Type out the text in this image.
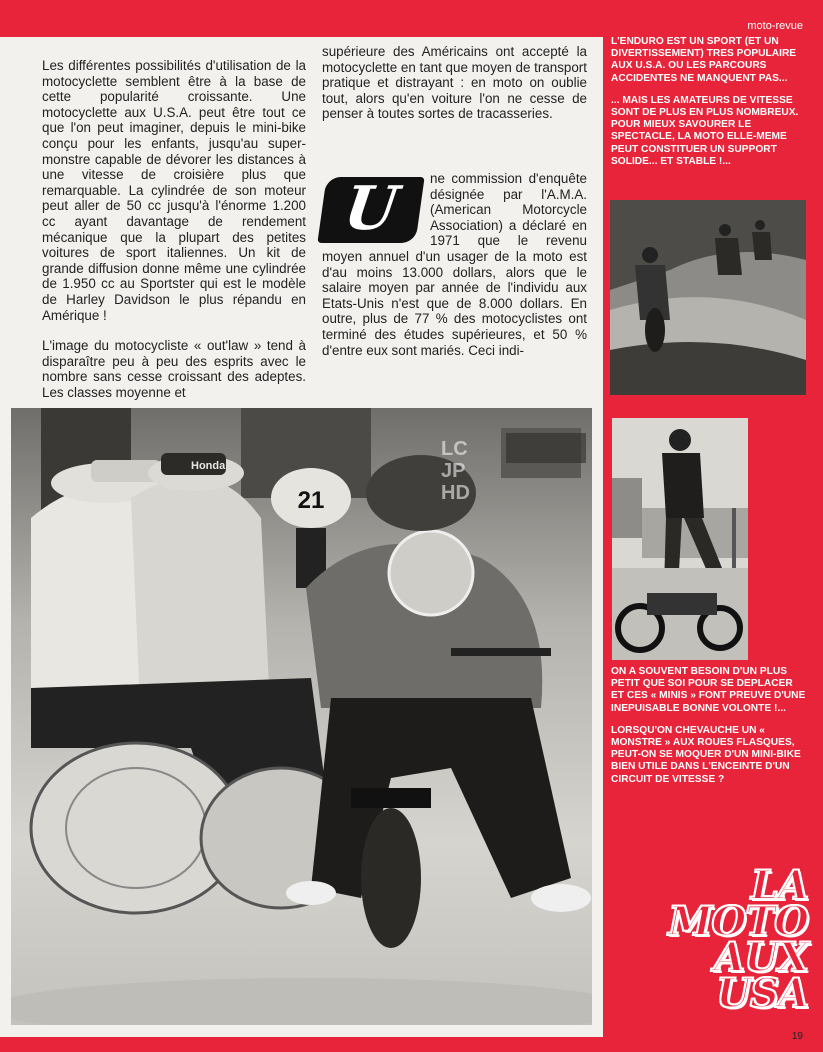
moto-revue

Les différentes possibilités d'utilisation de la motocyclette semblent être à la base de cette popularité croissante. Une motocyclette aux U.S.A. peut être tout ce que l'on peut imaginer, depuis le mini-bike conçu pour les enfants, jusqu'au super-monstre capable de dévorer les distances à une vitesse de croisière plus que remarquable. La cylindrée de son moteur peut aller de 50 cc jusqu'à l'énorme 1.200 cc ayant davantage de rendement mécanique que la plupart des petites voitures de sport italiennes. Un kit de grande diffusion donne même une cylindrée de 1.950 cc au Sportster qui est le modèle de Harley Davidson le plus répandu en Amérique !

L'image du motocycliste « out'law » tend à disparaître peu à peu des esprits avec le nombre sans cesse croissant des adeptes. Les classes moyenne et

supérieure des Américains ont accepté la motocyclette en tant que moyen de transport pratique et distrayant : en moto on oublie tout, alors qu'en voiture l'on ne cesse de penser à toutes sortes de tracasseries.

U	ne commission d'enquête désignée par l'A.M.A. (American Motorcycle Association) a déclaré en 1971 que le revenu moyen annuel d'un usager de la moto est d'au moins 13.000 dollars, alors que le salaire moyen par année de l'individu aux Etats-Unis n'est que de 8.000 dollars. En outre, plus de 77 % des motocyclistes ont terminé des études supérieures, et 50 % d'entre eux sont mariés. Ceci indi-

21
Honda
LC
JP
HD

L'ENDURO EST UN SPORT (ET UN DIVERTISSEMENT) TRES POPULAIRE AUX U.S.A. OU LES PARCOURS ACCIDENTES NE MANQUENT PAS...

... MAIS LES AMATEURS DE VITESSE SONT DE PLUS EN PLUS NOMBREUX. POUR MIEUX SAVOURER LE SPECTACLE, LA MOTO ELLE-MEME PEUT CONSTITUER UN SUPPORT SOLIDE... ET STABLE !...

ON A SOUVENT BESOIN D'UN PLUS PETIT QUE SOI POUR SE DEPLACER ET CES « MINIS » FONT PREUVE D'UNE INEPUISABLE BONNE VOLONTE !...

LORSQU'ON CHEVAUCHE UN « MONSTRE » AUX ROUES FLASQUES, PEUT-ON SE MOQUER D'UN MINI-BIKE BIEN UTILE DANS L'ENCEINTE D'UN CIRCUIT DE VITESSE ?

LA
MOTO
AUX
USA
19
